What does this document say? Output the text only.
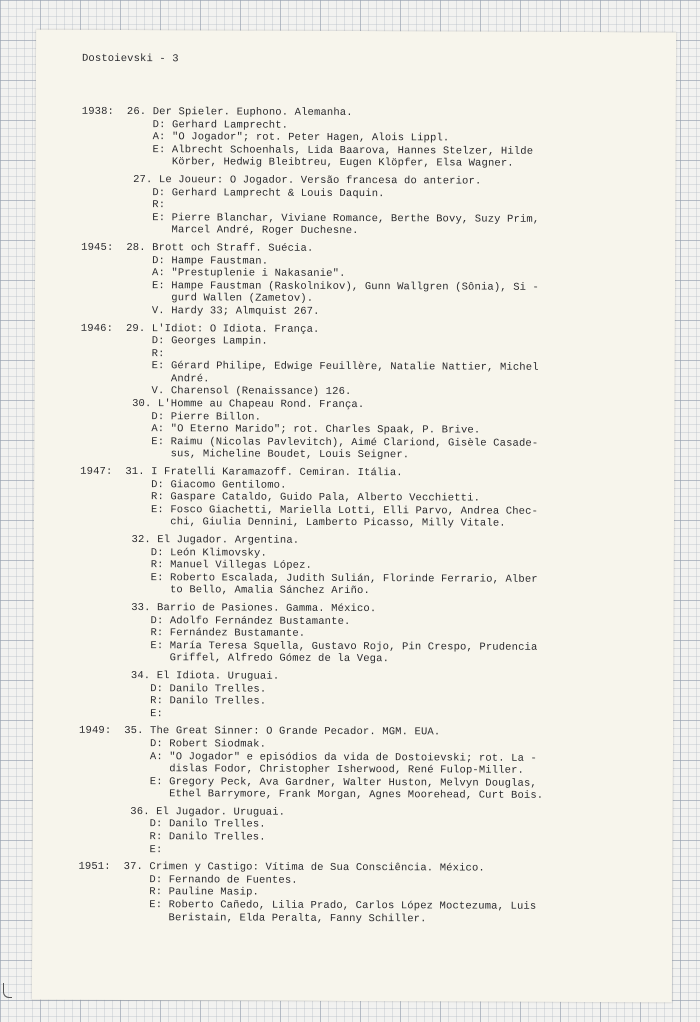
Dostoievski - 3
1938:  26. Der Spieler. Euphono. Alemanha.
D: Gerhard Lamprecht.
A: "O Jogador"; rot. Peter Hagen, Alois Lippl.
E: Albrecht Schoenhals, Lida Baarova, Hannes Stelzer, Hilde
Körber, Hedwig Bleibtreu, Eugen Klöpfer, Elsa Wagner.
27. Le Joueur: O Jogador. Versão francesa do anterior.
D: Gerhard Lamprecht & Louis Daquin.
R:
E: Pierre Blanchar, Viviane Romance, Berthe Bovy, Suzy Prim,
Marcel André, Roger Duchesne.
1945:  28. Brott och Straff. Suécia.
D: Hampe Faustman.
A: "Prestuplenie i Nakasanie".
E: Hampe Faustman (Raskolnikov), Gunn Wallgren (Sônia), Si -
gurd Wallen (Zametov).
V. Hardy 33; Almquist 267.
1946:  29. L'Idiot: O Idiota. França.
D: Georges Lampin.
R:
E: Gérard Philipe, Edwige Feuillère, Natalie Nattier, Michel
André.
V. Charensol (Renaissance) 126.
30. L'Homme au Chapeau Rond. França.
D: Pierre Billon.
A: "O Eterno Marido"; rot. Charles Spaak, P. Brive.
E: Raimu (Nicolas Pavlevitch), Aimé Clariond, Gisèle Casade-
sus, Micheline Boudet, Louis Seigner.
1947:  31. I Fratelli Karamazoff. Cemiran. Itália.
D: Giacomo Gentilomo.
R: Gaspare Cataldo, Guido Pala, Alberto Vecchietti.
E: Fosco Giachetti, Mariella Lotti, Elli Parvo, Andrea Chec-
chi, Giulia Dennini, Lamberto Picasso, Milly Vitale.
32. El Jugador. Argentina.
D: León Klimovsky.
R: Manuel Villegas López.
E: Roberto Escalada, Judith Sulián, Florinde Ferrario, Alber
to Bello, Amalia Sánchez Ariño.
33. Barrio de Pasiones. Gamma. México.
D: Adolfo Fernández Bustamante.
R: Fernández Bustamante.
E: María Teresa Squella, Gustavo Rojo, Pin Crespo, Prudencia
Griffel, Alfredo Gómez de la Vega.
34. El Idiota. Uruguai.
D: Danilo Trelles.
R: Danilo Trelles.
E:
1949:  35. The Great Sinner: O Grande Pecador. MGM. EUA.
D: Robert Siodmak.
A: "O Jogador" e episódios da vida de Dostoievski; rot. La -
dislas Fodor, Christopher Isherwood, René Fulop-Miller.
E: Gregory Peck, Ava Gardner, Walter Huston, Melvyn Douglas,
Ethel Barrymore, Frank Morgan, Agnes Moorehead, Curt Bois.
36. El Jugador. Uruguai.
D: Danilo Trelles.
R: Danilo Trelles.
E:
1951:  37. Crimen y Castigo: Vítima de Sua Consciência. México.
D: Fernando de Fuentes.
R: Pauline Masip.
E: Roberto Cañedo, Lilia Prado, Carlos López Moctezuma, Luis
Beristain, Elda Peralta, Fanny Schiller.
